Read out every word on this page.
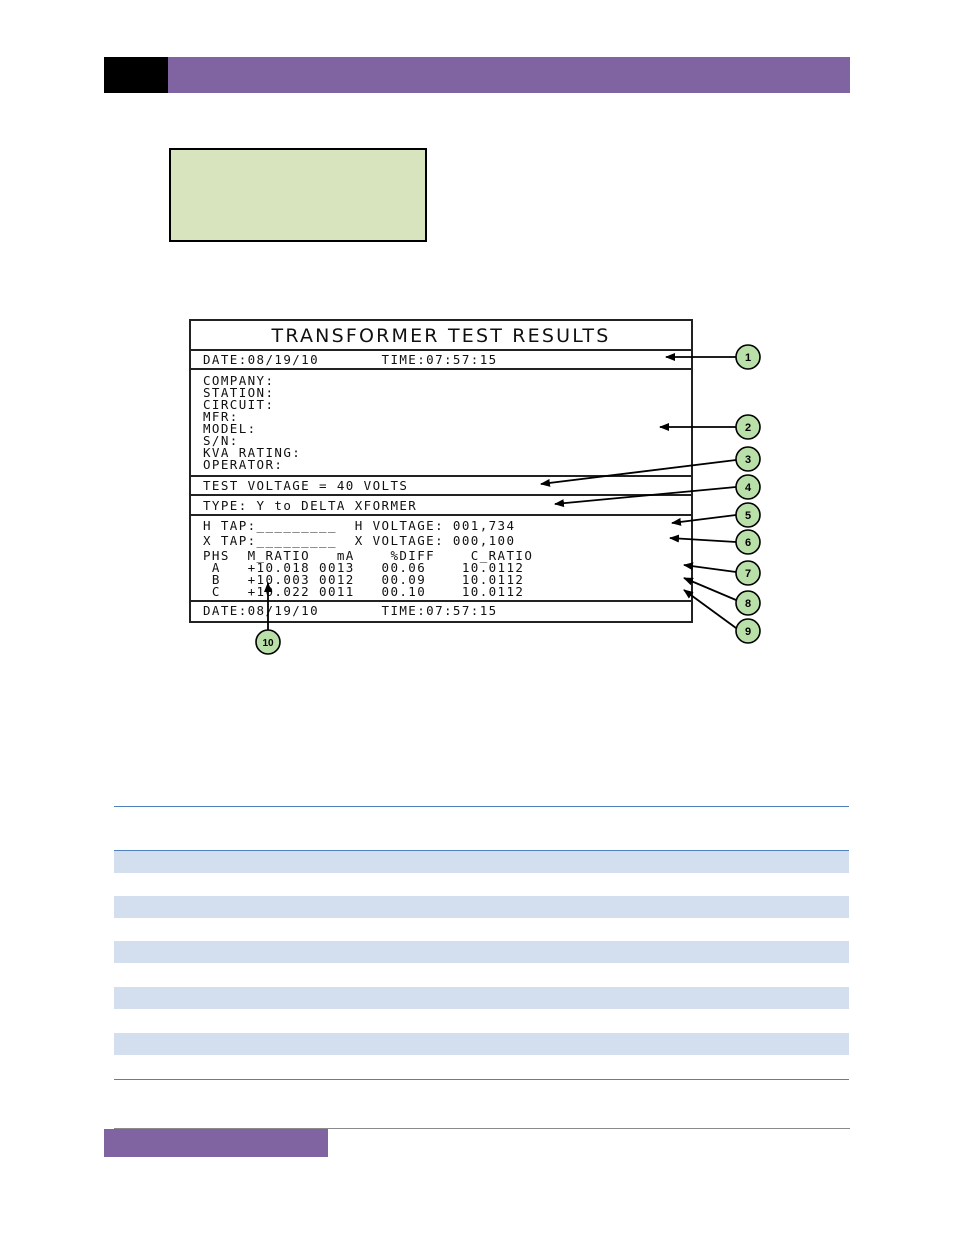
TRANSFORMER TEST RESULTS
DATE:08/19/10       TIME:07:57:15
COMPANY:
STATION:
CIRCUIT:
MFR:
MODEL:
S/N:
KVA RATING:
OPERATOR:
TEST VOLTAGE = 40 VOLTS
TYPE: Y to DELTA XFORMER
H TAP:_________  H VOLTAGE: 001,734
X TAP:_________  X VOLTAGE: 000,100
PHS  M_RATIO   mA    %DIFF    C_RATIO
A   +10.018 0013   00.06    10.0112
B   +10.003 0012   00.09    10.0112
C   +10.022 0011   00.10    10.0112
DATE:08/19/10       TIME:07:57:15
1
2
3
4
5
6
7
8
9
10
